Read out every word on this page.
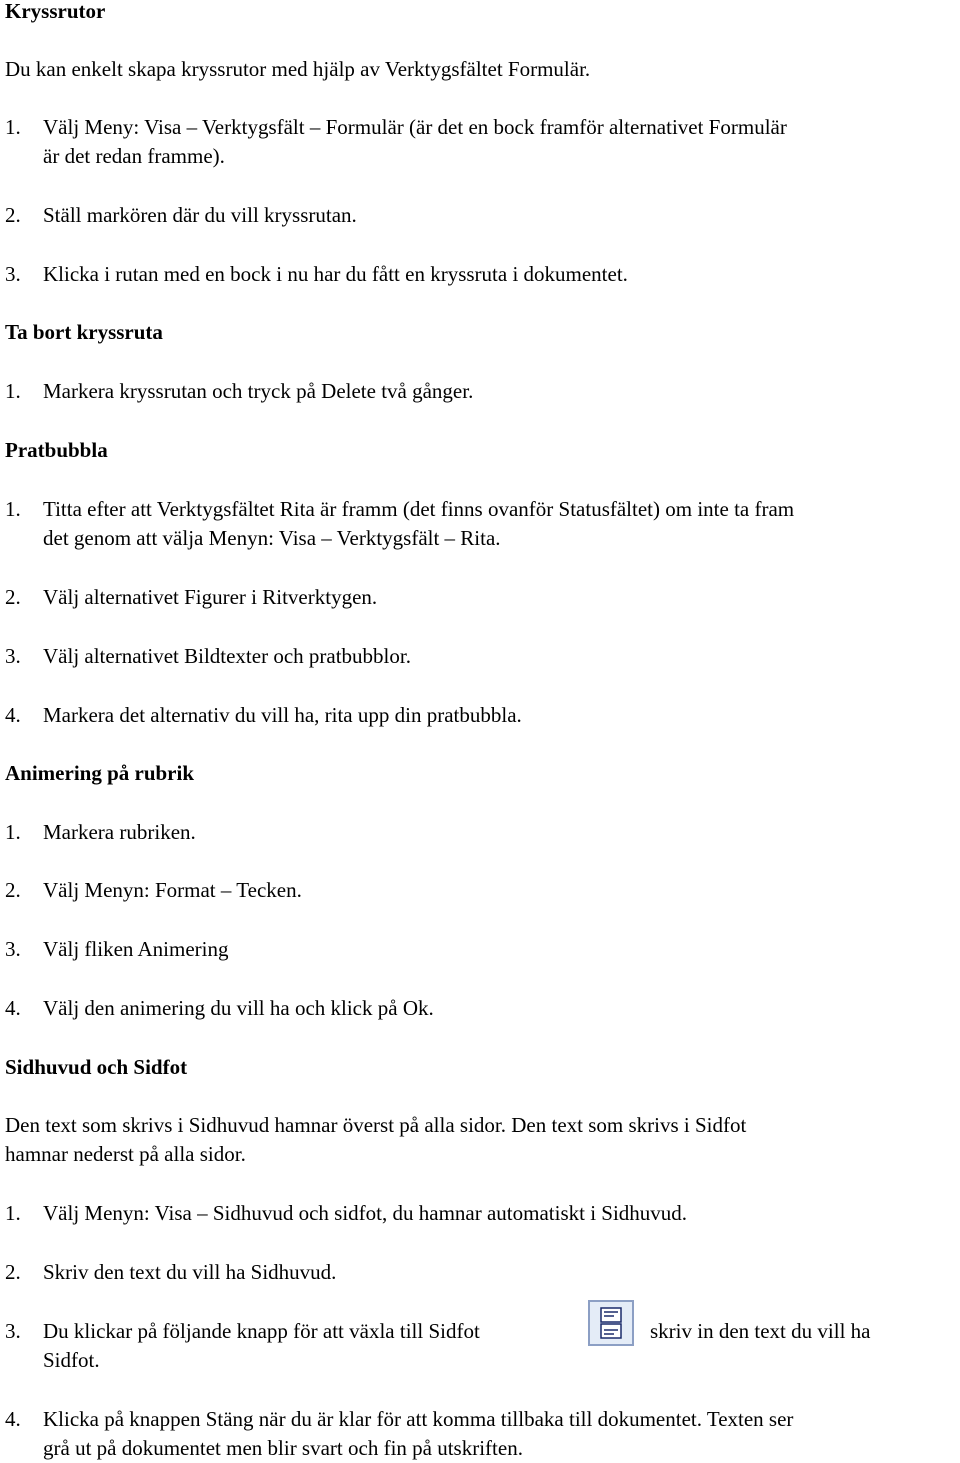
Kryssrutor
Du kan enkelt skapa kryssrutor med hjälp av Verktygsfältet Formulär.
1. Välj Meny: Visa – Verktygsfält – Formulär (är det en bock framför alternativet Formulär
är det redan framme).
2. Ställ markören där du vill kryssrutan.
3. Klicka i rutan med en bock i nu har du fått en kryssruta i dokumentet.
Ta bort kryssruta
1. Markera kryssrutan och tryck på Delete två gånger.
Pratbubbla
1. Titta efter att Verktygsfältet Rita är framm (det finns ovanför Statusfältet) om inte ta fram
det genom att välja Menyn: Visa – Verktygsfält – Rita.
2. Välj alternativet Figurer i Ritverktygen.
3. Välj alternativet Bildtexter och pratbubblor.
4. Markera det alternativ du vill ha, rita upp din pratbubbla.
Animering på rubrik
1. Markera rubriken.
2. Välj Menyn: Format – Tecken.
3. Välj fliken Animering
4. Välj den animering du vill ha och klick på Ok.
Sidhuvud och Sidfot
Den text som skrivs i Sidhuvud hamnar överst på alla sidor. Den text som skrivs i Sidfot
hamnar nederst på alla sidor.
1. Välj Menyn: Visa – Sidhuvud och sidfot, du hamnar automatiskt i Sidhuvud.
2. Skriv den text du vill ha Sidhuvud.
3. Du klickar på följande knapp för att växla till Sidfot	skriv in den text du vill ha
Sidfot.
4. Klicka på knappen Stäng när du är klar för att komma tillbaka till dokumentet. Texten ser
grå ut på dokumentet men blir svart och fin på utskriften.
